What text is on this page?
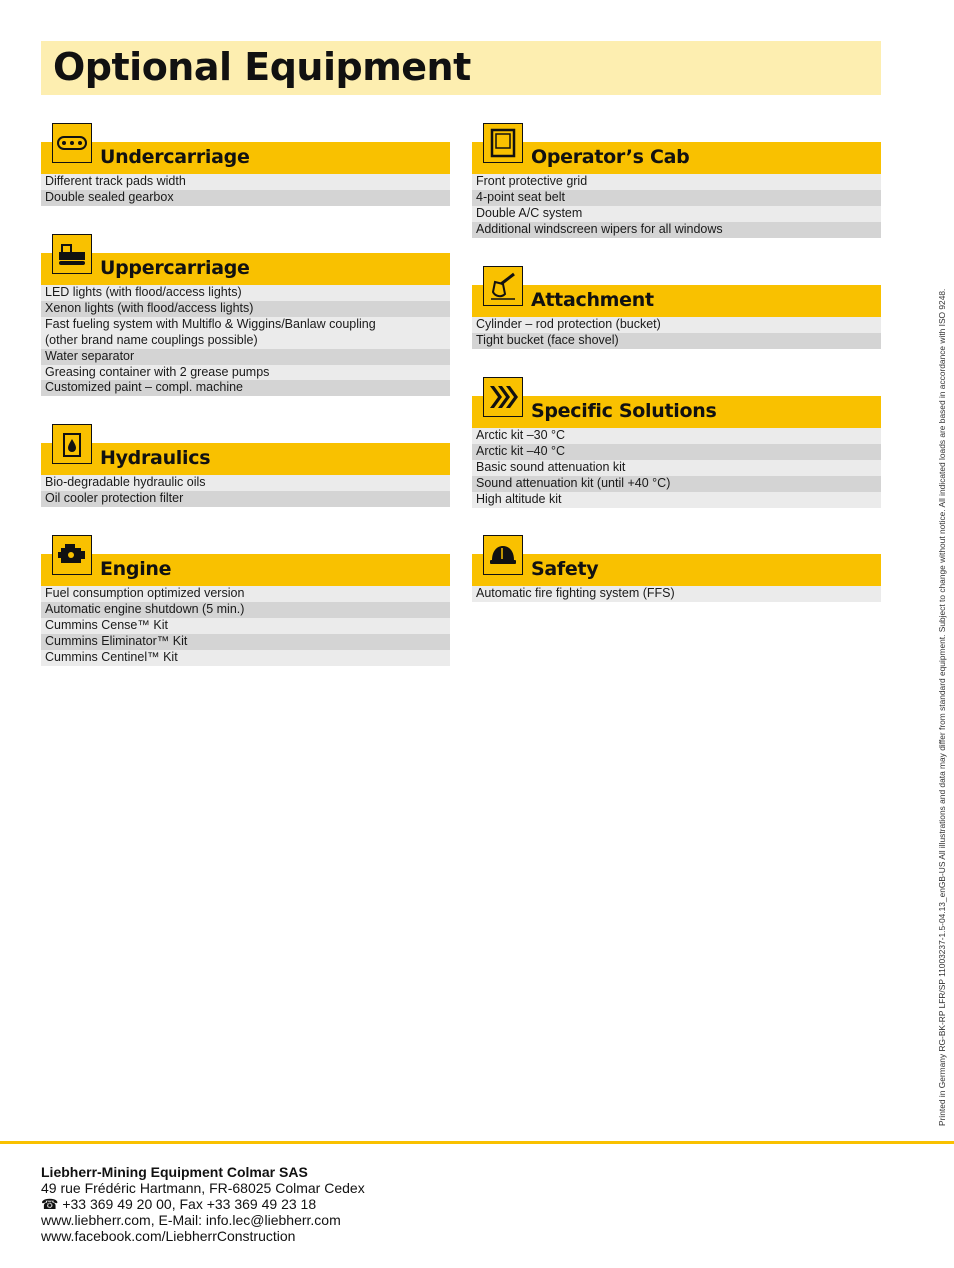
Optional Equipment
Undercarriage
Different track pads width
Double sealed gearbox
Uppercarriage
LED lights (with flood/access lights)
Xenon lights (with flood/access lights)
Fast fueling system with Multiflo & Wiggins/Banlaw coupling
(other brand name couplings possible)
Water separator
Greasing container with 2 grease pumps
Customized paint – compl. machine
Hydraulics
Bio-degradable hydraulic oils
Oil cooler protection filter
Engine
Fuel consumption optimized version
Automatic engine shutdown (5 min.)
Cummins Cense™ Kit
Cummins Eliminator™ Kit
Cummins Centinel™ Kit
Operator’s Cab
Front protective grid
4-point seat belt
Double A/C system
Additional windscreen wipers for all windows
Attachment
Cylinder – rod protection (bucket)
Tight bucket (face shovel)
Specific Solutions
Arctic kit –30 °C
Arctic kit –40 °C
Basic sound attenuation kit
Sound attenuation kit (until +40 °C)
High altitude kit
Safety
Automatic fire fighting system (FFS)	Printed in Germany RG-BK-RP LFR/SP 11003237-1.5-04.13_enGB-US All illustrations and data may differ from standard equipment. Subject to change without notice. All indicated loads are based in accordance with ISO 9248.
Liebherr-Mining Equipment Colmar SAS
49 rue Frédéric Hartmann, FR-68025 Colmar Cedex
☎ +33 369 49 20 00, Fax +33 369 49 23 18
www.liebherr.com, E-Mail: info.lec@liebherr.com
www.facebook.com/LiebherrConstruction
